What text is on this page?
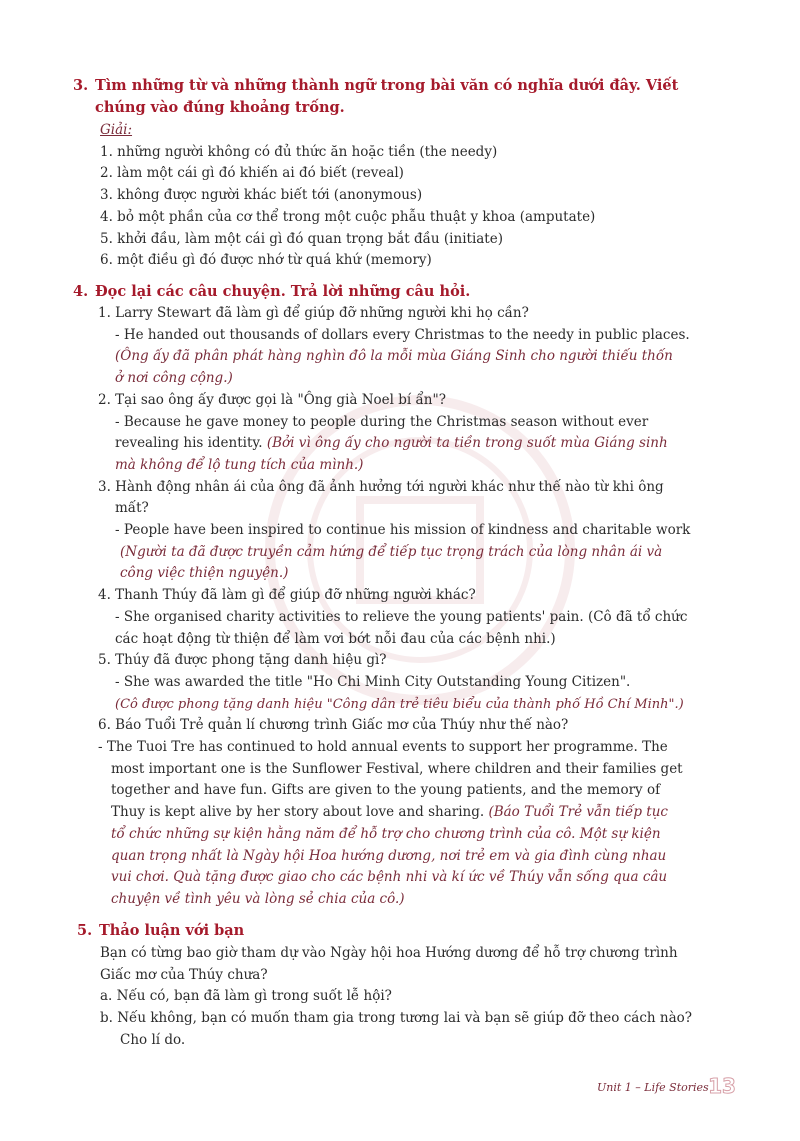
3. Tìm những từ và những thành ngữ trong bài văn có nghĩa dưới đây. Viết
chúng vào đúng khoảng trống.
Giải:
1. những người không có đủ thức ăn hoặc tiền (the needy)
2. làm một cái gì đó khiến ai đó biết (reveal)
3. không được người khác biết tới (anonymous)
4. bỏ một phần của cơ thể trong một cuộc phẫu thuật y khoa (amputate)
5. khởi đầu, làm một cái gì đó quan trọng bắt đầu (initiate)
6. một điều gì đó được nhớ từ quá khứ (memory)
4. Đọc lại các câu chuyện. Trả lời những câu hỏi.
1. Larry Stewart đã làm gì để giúp đỡ những người khi họ cần?
- He handed out thousands of dollars every Christmas to the needy in public places.
(Ông ấy đã phân phát hàng nghìn đô la mỗi mùa Giáng Sinh cho người thiếu thốn
ở nơi công cộng.)
2. Tại sao ông ấy được gọi là "Ông già Noel bí ẩn"?
- Because he gave money to people during the Christmas season without ever
revealing his identity. (Bởi vì ông ấy cho người ta tiền trong suốt mùa Giáng sinh
mà không để lộ tung tích của mình.)
3. Hành động nhân ái của ông đã ảnh hưởng tới người khác như thế nào từ khi ông
mất?
- People have been inspired to continue his mission of kindness and charitable work
(Người ta đã được truyền cảm hứng để tiếp tục trọng trách của lòng nhân ái và
công việc thiện nguyện.)
4. Thanh Thúy đã làm gì để giúp đỡ những người khác?
- She organised charity activities to relieve the young patients' pain. (Cô đã tổ chức
các hoạt động từ thiện để làm vơi bớt nỗi đau của các bệnh nhi.)
5. Thúy đã được phong tặng danh hiệu gì?
- She was awarded the title "Ho Chi Minh City Outstanding Young Citizen".
(Cô được phong tặng danh hiệu "Công dân trẻ tiêu biểu của thành phố Hồ Chí Minh".)
6. Báo Tuổi Trẻ quản lí chương trình Giấc mơ của Thúy như thế nào?
- The Tuoi Tre has continued to hold annual events to support her programme. The
most important one is the Sunflower Festival, where children and their families get
together and have fun. Gifts are given to the young patients, and the memory of
Thuy is kept alive by her story about love and sharing. (Báo Tuổi Trẻ vẫn tiếp tục
tổ chức những sự kiện hằng năm để hỗ trợ cho chương trình của cô. Một sự kiện
quan trọng nhất là Ngày hội Hoa hướng dương, nơi trẻ em và gia đình cùng nhau
vui chơi. Quà tặng được giao cho các bệnh nhi và kí ức về Thúy vẫn sống qua câu
chuyện về tình yêu và lòng sẻ chia của cô.)
5. Thảo luận với bạn
Bạn có từng bao giờ tham dự vào Ngày hội hoa Hướng dương để hỗ trợ chương trình
Giấc mơ của Thúy chưa?
a. Nếu có, bạn đã làm gì trong suốt lễ hội?
b. Nếu không, bạn có muốn tham gia trong tương lai và bạn sẽ giúp đỡ theo cách nào?
Cho lí do.
Unit 1 – Life Stories 13
